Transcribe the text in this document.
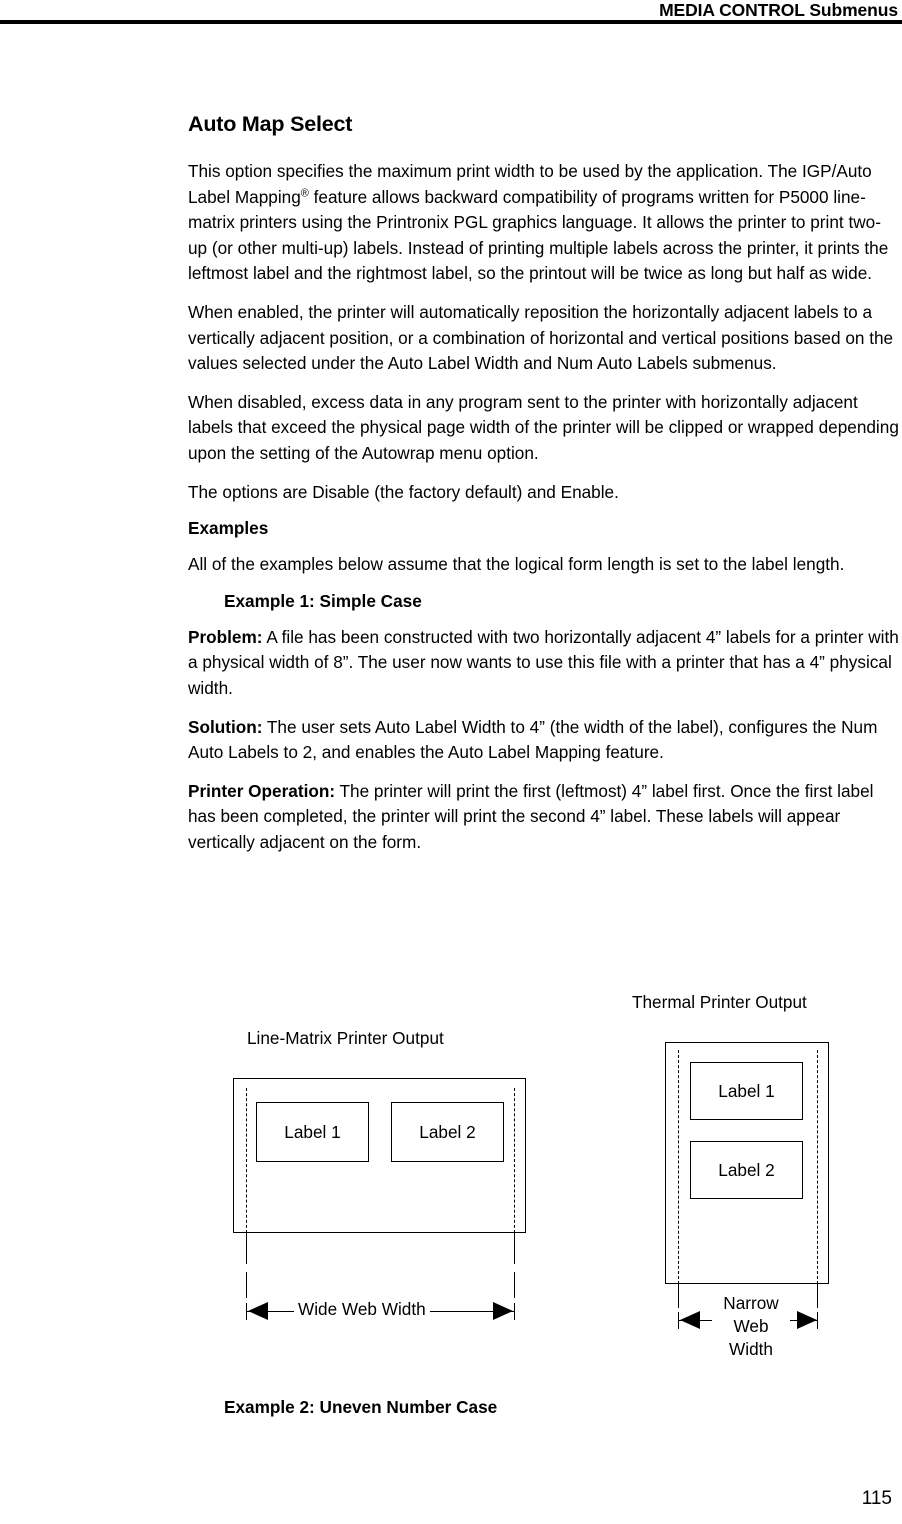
MEDIA CONTROL Submenus
Auto Map Select

This option specifies the maximum print width to be used by the application. The IGP/Auto Label Mapping® feature allows backward compatibility of programs written for P5000 line-matrix printers using the Printronix PGL graphics language. It allows the printer to print two-up (or other multi-up) labels. Instead of printing multiple labels across the printer, it prints the leftmost label and the rightmost label, so the printout will be twice as long but half as wide.

When enabled, the printer will automatically reposition the horizontally adjacent labels to a vertically adjacent position, or a combination of horizontal and vertical positions based on the values selected under the Auto Label Width and Num Auto Labels submenus.

When disabled, excess data in any program sent to the printer with horizontally adjacent labels that exceed the physical page width of the printer will be clipped or wrapped depending upon the setting of the Autowrap menu option.

The options are Disable (the factory default) and Enable.

Examples

All of the examples below assume that the logical form length is set to the label length.

Example 1: Simple Case

Problem: A file has been constructed with two horizontally adjacent 4” labels for a printer with a physical width of 8”. The user now wants to use this file with a printer that has a 4” physical width.

Solution: The user sets Auto Label Width to 4” (the width of the label), configures the Num Auto Labels to 2, and enables the Auto Label Mapping feature.

Printer Operation: The printer will print the first (leftmost) 4” label first. Once the first label has been completed, the printer will print the second 4” label. These labels will appear vertically adjacent on the form.

Thermal Printer Output
Line-Matrix Printer Output
Label 1	Label 2
Wide Web Width
Label 1
Label 2
Narrow
Web
Width
Example 2: Uneven Number Case
115
